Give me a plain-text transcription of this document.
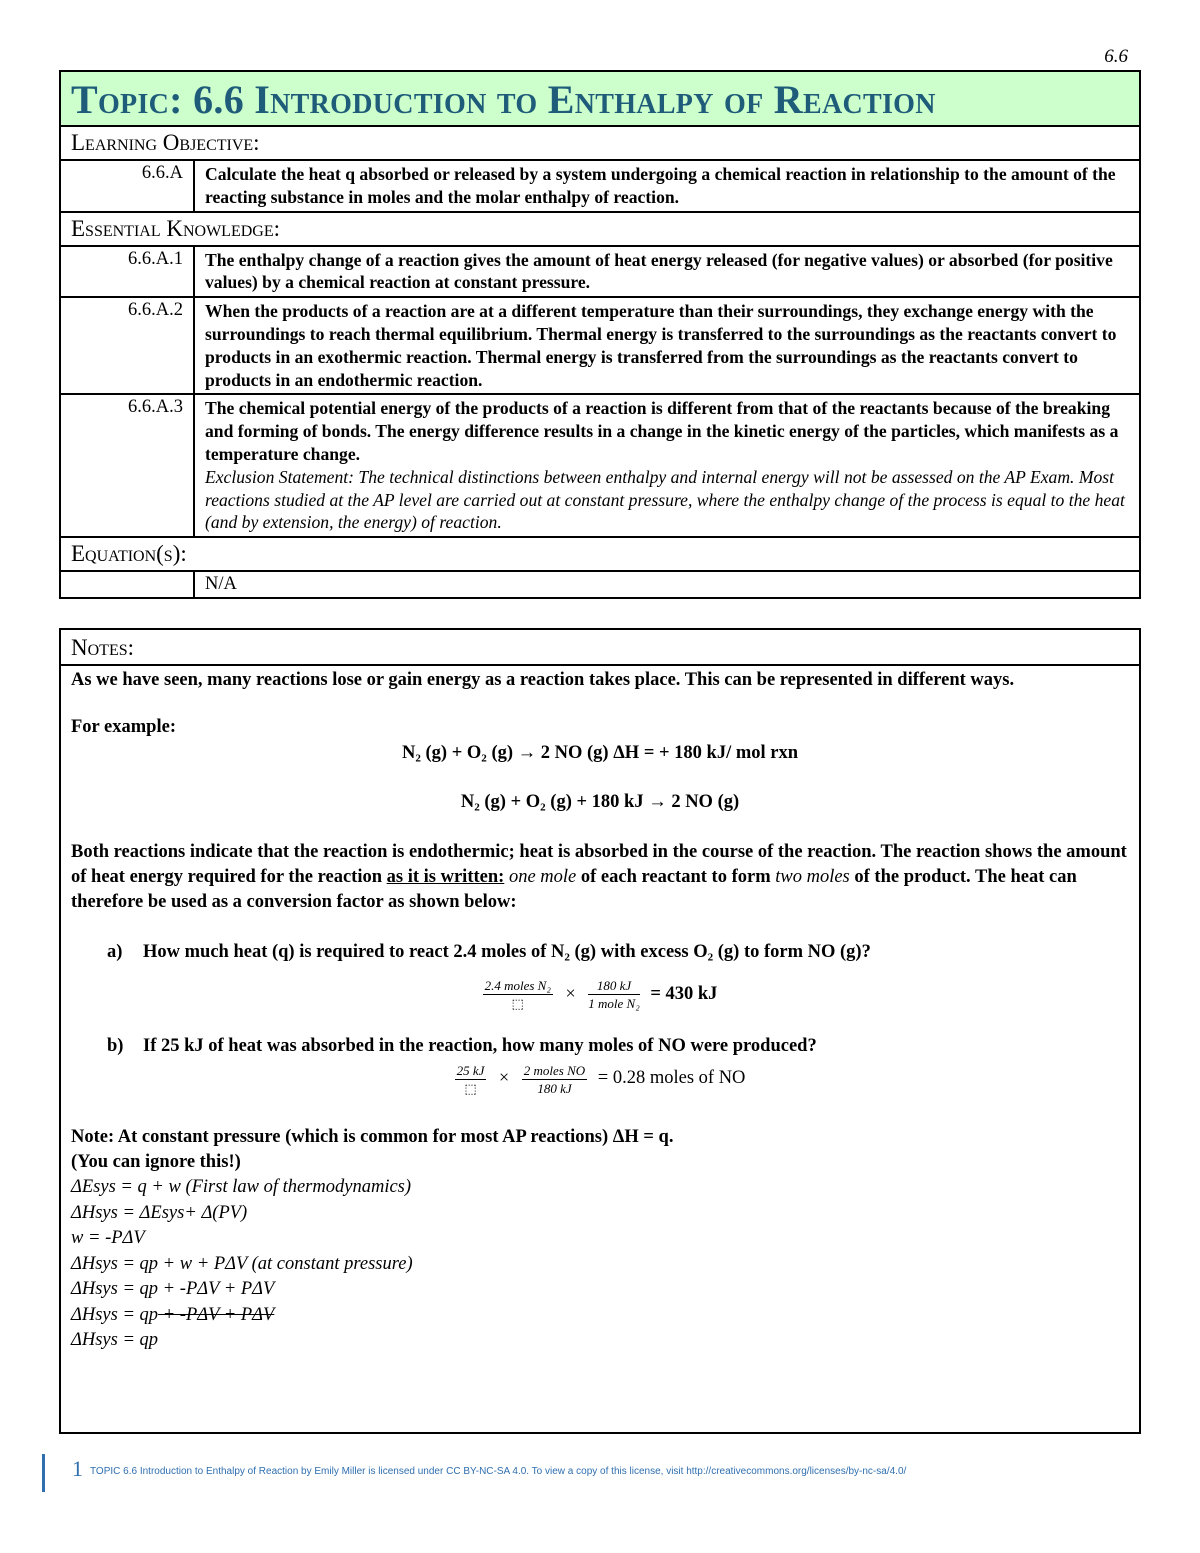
6.6
Topic: 6.6 Introduction to Enthalpy of Reaction	
Learning Objective:	
6.6.A	Calculate the heat q absorbed or released by a system undergoing a chemical reaction in relationship to the amount of the reacting substance in moles and the molar enthalpy of reaction.
Essential Knowledge:	
6.6.A.1	The enthalpy change of a reaction gives the amount of heat energy released (for negative values) or absorbed (for positive values) by a chemical reaction at constant pressure.
6.6.A.2	When the products of a reaction are at a different temperature than their surroundings, they exchange energy with the surroundings to reach thermal equilibrium. Thermal energy is transferred to the surroundings as the reactants convert to products in an exothermic reaction. Thermal energy is transferred from the surroundings as the reactants convert to products in an endothermic reaction.
6.6.A.3	The chemical potential energy of the products of a reaction is different from that of the reactants because of the breaking and forming of bonds. The energy difference results in a change in the kinetic energy of the particles, which manifests as a temperature change.
Exclusion Statement: The technical distinctions between enthalpy and internal energy will not be assessed on the AP Exam. Most reactions studied at the AP level are carried out at constant pressure, where the enthalpy change of the process is equal to the heat (and by extension, the energy) of reaction.

Equation(s):	
	N/A
Notes:
As we have seen, many reactions lose or gain energy as a reaction takes place. This can be represented in different ways.
For example:
N₂ (g) + O₂ (g) → 2 NO (g) ΔH = + 180 kJ/ mol rxn
N₂ (g) + O₂ (g) + 180 kJ → 2 NO (g)
Both reactions indicate that the reaction is endothermic; heat is absorbed in the course of the reaction. The reaction shows the amount of heat energy required for the reaction as it is written: one mole of each reactant to form two moles of the product. The heat can therefore be used as a conversion factor as shown below:
a) How much heat (q) is required to react 2.4 moles of N₂ (g) with excess O₂ (g) to form NO (g)?
$\frac{\text{2.4 moles N₂}}{⬚} \times \frac{180 kJ}{\text{1 mole N₂}} = 430$ kJ
b) If 25 kJ of heat was absorbed in the reaction, how many moles of NO were produced?
$\frac{25 kJ}{⬚} \times \frac{\text{2 moles NO}}{180 kJ} = 0.28$ moles of NO
Note: At constant pressure (which is common for most AP reactions) ΔH = q.
(You can ignore this!)
ΔEsys = q + w (First law of thermodynamics)
ΔHsys = ΔEsys+ Δ(PV)
w = -PΔV
ΔHsys = qp + w + PΔV (at constant pressure)
ΔHsys = qp + -PΔV + PΔV
ΔHsys = qp + -PΔV + PΔV
ΔHsys = qp
1 TOPIC 6.6 Introduction to Enthalpy of Reaction by Emily Miller is licensed under CC BY-NC-SA 4.0. To view a copy of this license, visit http://creativecommons.org/licenses/by-nc-sa/4.0/
